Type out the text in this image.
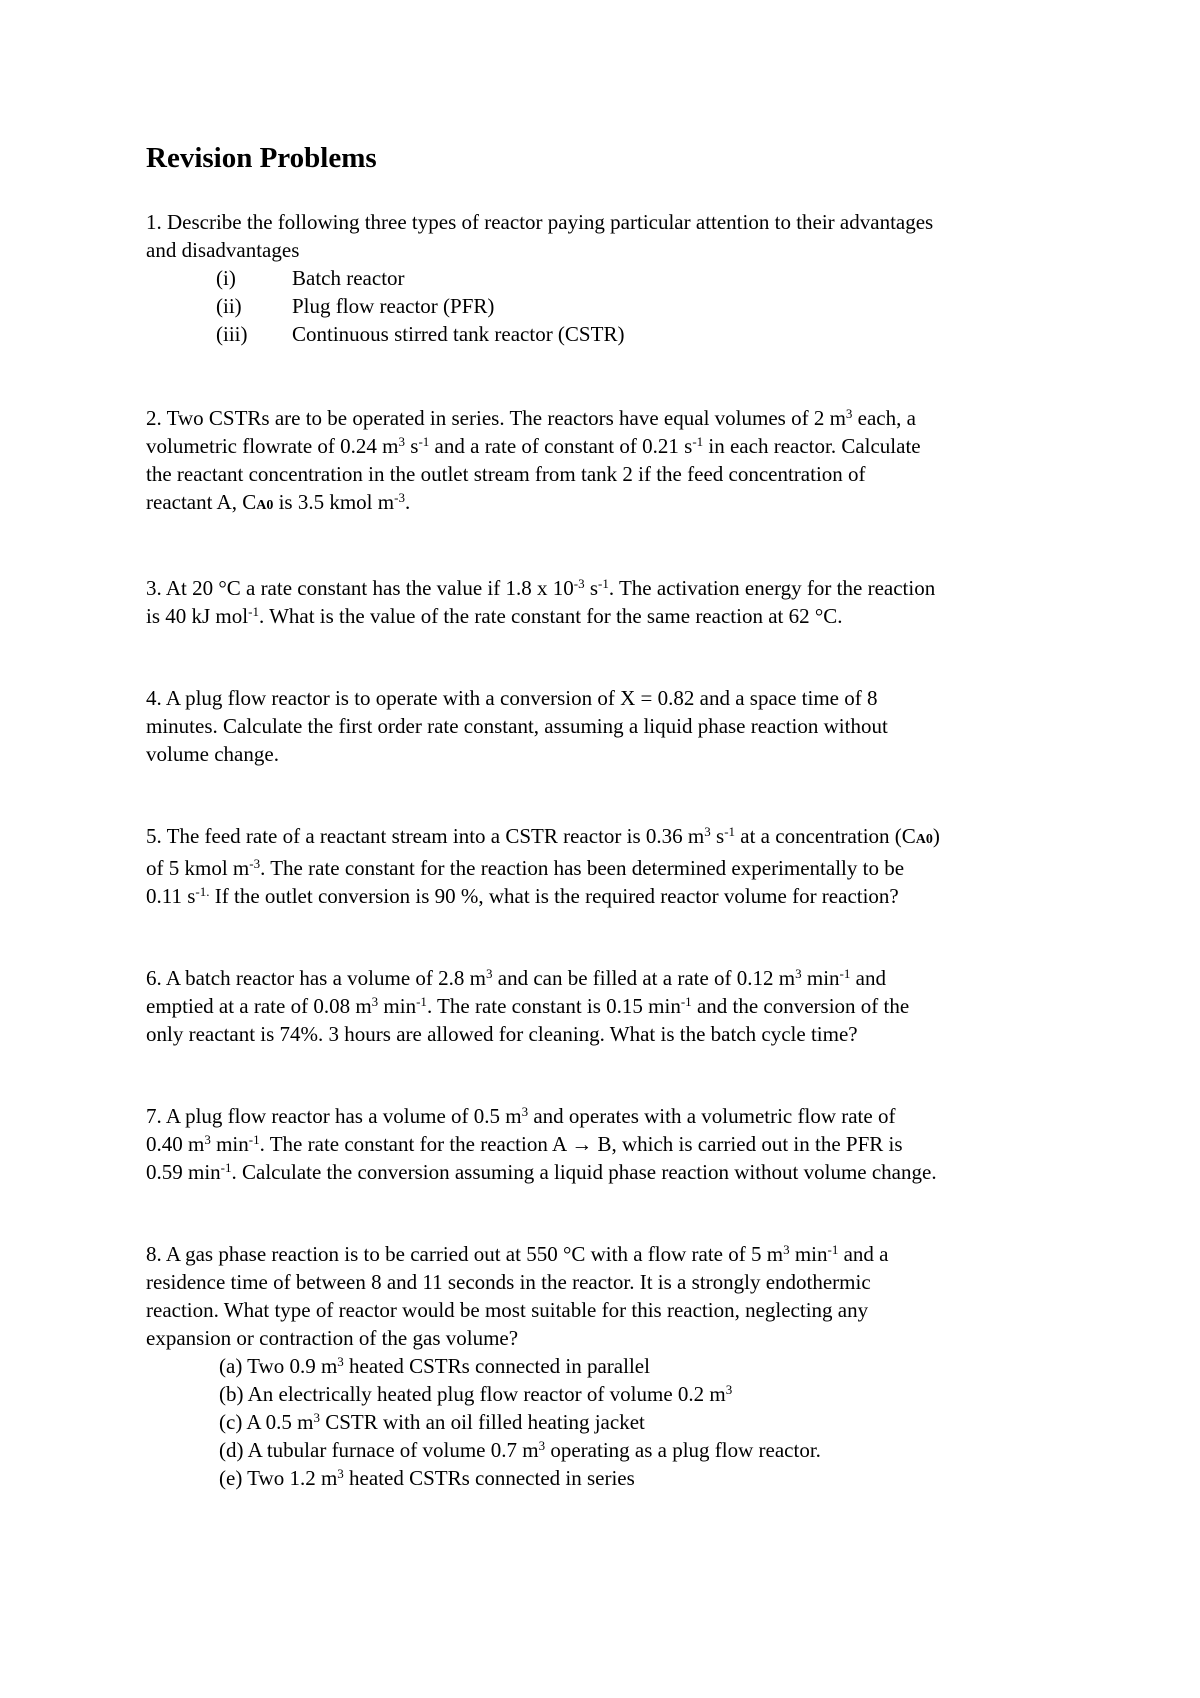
Revision Problems
1. Describe the following three types of reactor paying particular attention to their advantages
and disadvantages
(i)	Batch reactor
(ii) Plug flow reactor (PFR)
(iii) Continuous stirred tank reactor (CSTR)
2. Two CSTRs are to be operated in series. The reactors have equal volumes of 2 $m^3$ each, a
volumetric flowrate of 0.24 $m^3$ $s^{-1}$ and a rate of constant of 0.21 $s^{-1}$ in each reactor. Calculate
the reactant concentration in the outlet stream from tank 2 if the feed concentration of
reactant A, CA0 is 3.5 kmol $m^{-3}$.
3. At 20 °C a rate constant has the value if 1.8 x $10^{-3}$ $s^{-1}$. The activation energy for the reaction
is 40 kJ mol$^{-1}$. What is the value of the rate constant for the same reaction at 62 °C.
4. A plug flow reactor is to operate with a conversion of X = 0.82 and a space time of 8
minutes. Calculate the first order rate constant, assuming a liquid phase reaction without
volume change.
5. The feed rate of a reactant stream into a CSTR reactor is 0.36 $m^3$ $s^{-1}$ at a concentration (CA0)
of 5 kmol $m^{-3}$. The rate constant for the reaction has been determined experimentally to be
0.11 $s^{-1.}$ If the outlet conversion is 90 %, what is the required reactor volume for reaction?
6. A batch reactor has a volume of 2.8 $m^3$ and can be filled at a rate of 0.12 $m^3$ $\min^{-1}$ and
emptied at a rate of 0.08 $m^3$ $\min^{-1}$. The rate constant is 0.15 $\min^{-1}$ and the conversion of the
only reactant is 74%. 3 hours are allowed for cleaning. What is the batch cycle time?
7. A plug flow reactor has a volume of 0.5 $m^3$ and operates with a volumetric flow rate of
0.40 $m^3$ $\min^{-1}$. The rate constant for the reaction A → B, which is carried out in the PFR is
0.59 $\min^{-1}$. Calculate the conversion assuming a liquid phase reaction without volume change.
8. A gas phase reaction is to be carried out at 550 °C with a flow rate of 5 $m^3$ $\min^{-1}$ and a
residence time of between 8 and 11 seconds in the reactor. It is a strongly endothermic
reaction. What type of reactor would be most suitable for this reaction, neglecting any
expansion or contraction of the gas volume?
(a) Two 0.9 $m^3$ heated CSTRs connected in parallel
(b) An electrically heated plug flow reactor of volume 0.2 $m^3$
(c) A 0.5 $m^3$ CSTR with an oil filled heating jacket
(d) A tubular furnace of volume 0.7 $m^3$ operating as a plug flow reactor.
(e) Two 1.2 $m^3$ heated CSTRs connected in series
